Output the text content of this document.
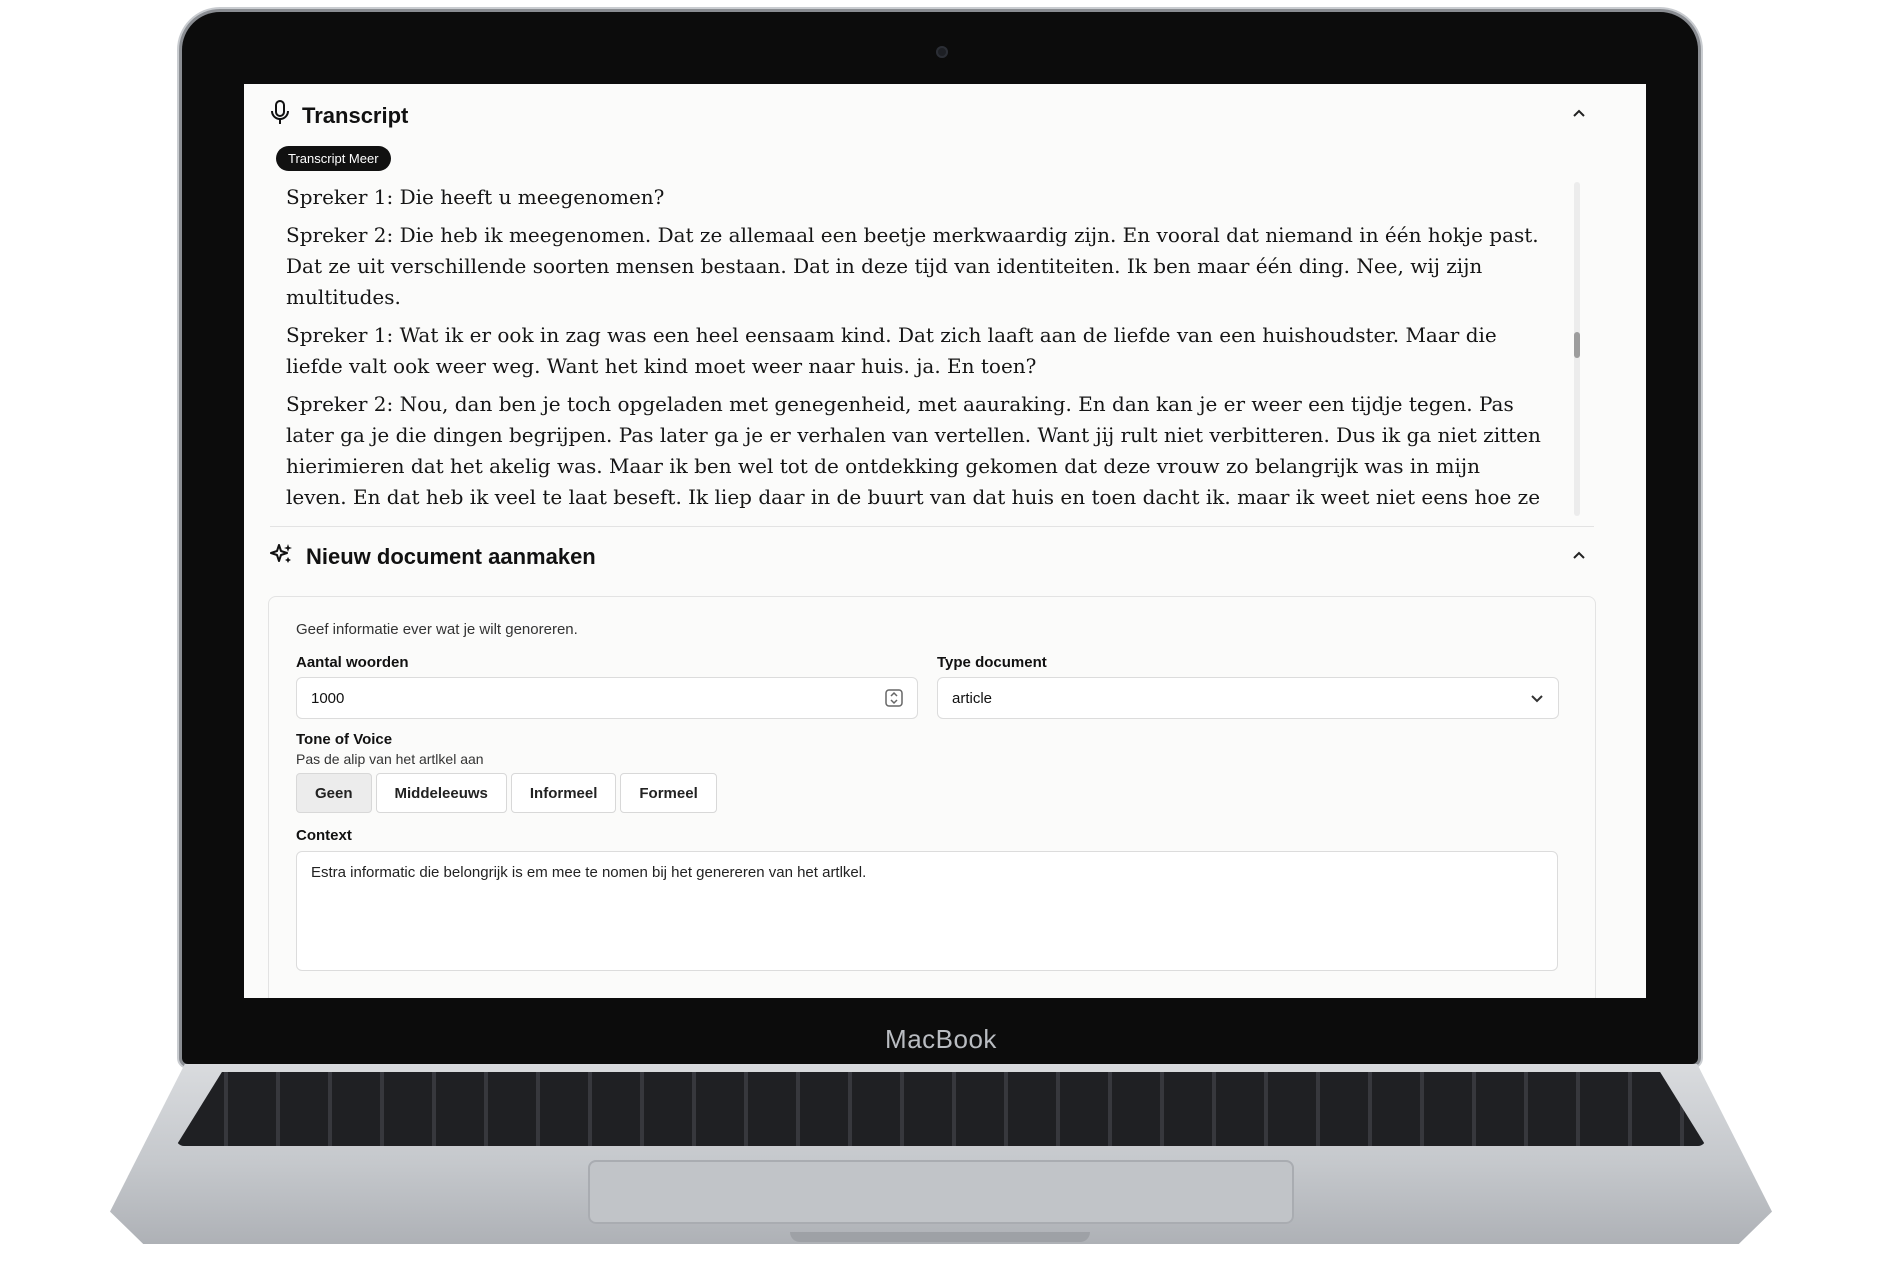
Transcript
Transcript Meer

Spreker 1: Die heeft u meegenomen?

Spreker 2: Die heb ik meegenomen. Dat ze allemaal een beetje merkwaardig zijn. En vooral dat niemand in één hokje past. Dat ze uit verschillende soorten mensen bestaan. Dat in deze tijd van identiteiten. Ik ben maar één ding. Nee, wij zijn multitudes.

Spreker 1: Wat ik er ook in zag was een heel eensaam kind. Dat zich laaft aan de liefde van een huishoudster. Maar die liefde valt ook weer weg. Want het kind moet weer naar huis. ja. En toen?

Spreker 2: Nou, dan ben je toch opgeladen met genegenheid, met aauraking. En dan kan je er weer een tijdje tegen. Pas later ga je die dingen begrijpen. Pas later ga je er verhalen van vertellen. Want jij rult niet verbitteren. Dus ik ga niet zitten hierimieren dat het akelig was. Maar ik ben wel tot de ontdekking gekomen dat deze vrouw zo belangrijk was in mijn leven. En dat heb ik veel te laat beseft. Ik liep daar in de buurt van dat huis en toen dacht ik. maar ik weet niet eens hoe ze

Nieuw document aanmaken
Geef informatie ever wat je wilt genoreren.
Aantal woorden
1000
Type document
article
Tone of Voice
Pas de alip van het artlkel aan
Geen	Middeleeuws	Informeel	Formeel
Context
Estra informatic die belongrijk is em mee te nomen bij het genereren van het artlkel.
MacBook
